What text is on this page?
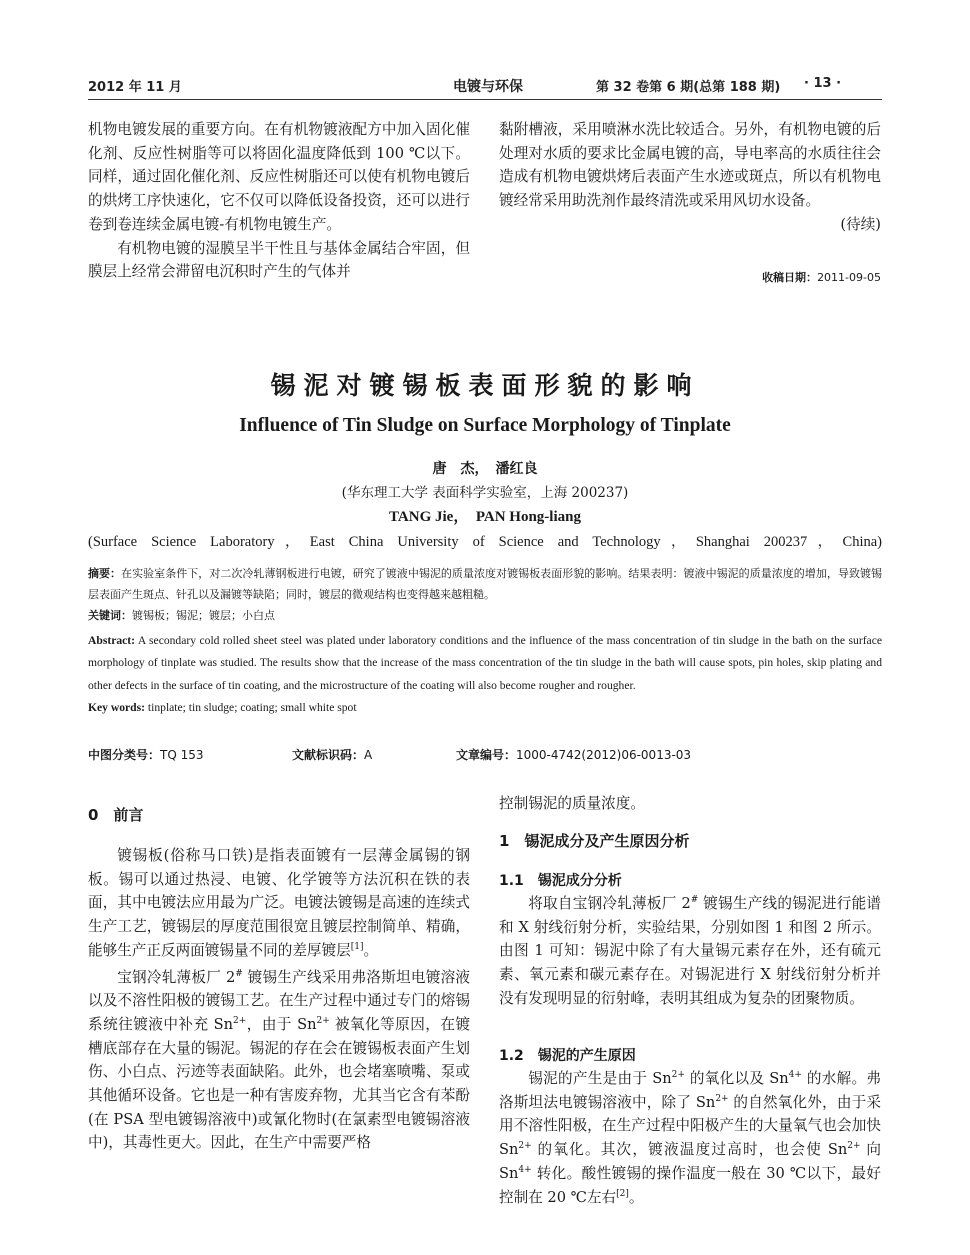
2012 年 11 月	电镀与环保	第 32 卷第 6 期(总第 188 期) · 13 ·

机物电镀发展的重要方向。在有机物镀液配方中加入固化催化剂、反应性树脂等可以将固化温度降低到 100 ℃以下。同样，通过固化催化剂、反应性树脂还可以使有机物电镀后的烘烤工序快速化，它不仅可以降低设备投资，还可以进行卷到卷连续金属电镀-有机物电镀生产。

有机物电镀的湿膜呈半干性且与基体金属结合牢固，但膜层上经常会滞留电沉积时产生的气体并

黏附槽液，采用喷淋水洗比较适合。另外，有机物电镀的后处理对水质的要求比金属电镀的高，导电率高的水质往往会造成有机物电镀烘烤后表面产生水迹或斑点，所以有机物电镀经常采用助洗剂作最终清洗或采用风切水设备。

(待续)

收稿日期：2011-09-05
锡泥对镀锡板表面形貌的影响
Influence of Tin Sludge on Surface Morphology of Tinplate
唐　杰，　潘红良
(华东理工大学 表面科学实验室，上海 200237)
TANG Jie，　PAN Hong-liang
(Surface Science Laboratory，East China University of Science and Technology，Shanghai 200237，China)

摘要：在实验室条件下，对二次冷轧薄钢板进行电镀，研究了镀液中锡泥的质量浓度对镀锡板表面形貌的影响。结果表明：镀液中锡泥的质量浓度的增加，导致镀锡层表面产生斑点、针孔以及漏镀等缺陷；同时，镀层的微观结构也变得越来越粗糙。

关键词：镀锡板；锡泥；镀层；小白点

Abstract: A secondary cold rolled sheet steel was plated under laboratory conditions and the influence of the mass concentration of tin sludge in the bath on the surface morphology of tinplate was studied. The results show that the increase of the mass concentration of the tin sludge in the bath will cause spots, pin holes, skip plating and other defects in the surface of tin coating, and the microstructure of the coating will also become rougher and rougher.

Key words: tinplate; tin sludge; coating; small white spot

中图分类号：TQ 153	文献标识码：A	文章编号：1000-4742(2012)06-0013-03
0　前言

镀锡板(俗称马口铁)是指表面镀有一层薄金属锡的钢板。锡可以通过热浸、电镀、化学镀等方法沉积在铁的表面，其中电镀法应用最为广泛。电镀法镀锡是高速的连续式生产工艺，镀锡层的厚度范围很宽且镀层控制简单、精确，能够生产正反两面镀锡量不同的差厚镀层[1]。

宝钢冷轧薄板厂 2# 镀锡生产线采用弗洛斯坦电镀溶液以及不溶性阳极的镀锡工艺。在生产过程中通过专门的熔锡系统往镀液中补充 $Sn^{2+}$，由于 $Sn^{2+}$ 被氧化等原因，在镀槽底部存在大量的锡泥。锡泥的存在会在镀锡板表面产生划伤、小白点、污迹等表面缺陷。此外，也会堵塞喷嘴、泵或其他循环设备。它也是一种有害废弃物，尤其当它含有苯酚(在 PSA 型电镀锡溶液中)或氰化物时(在氯素型电镀锡溶液中)，其毒性更大。因此，在生产中需要严格

控制锡泥的质量浓度。
1　锡泥成分及产生原因分析
1.1　锡泥成分分析

将取自宝钢冷轧薄板厂 2# 镀锡生产线的锡泥进行能谱和 X 射线衍射分析，实验结果，分别如图 1 和图 2 所示。由图 1 可知：锡泥中除了有大量锡元素存在外，还有硫元素、氧元素和碳元素存在。对锡泥进行 X 射线衍射分析并没有发现明显的衍射峰，表明其组成为复杂的团聚物质。

1.2　锡泥的产生原因

锡泥的产生是由于 $Sn^{2+}$ 的氧化以及 $Sn^{4+}$ 的水解。弗洛斯坦法电镀锡溶液中，除了 $Sn^{2+}$ 的自然氧化外，由于采用不溶性阳极，在生产过程中阳极产生的大量氧气也会加快 $Sn^{2+}$ 的氧化。其次，镀液温度过高时，也会使 $Sn^{2+}$ 向 $Sn^{4+}$ 转化。酸性镀锡的操作温度一般在 30 ℃以下，最好控制在 20 ℃左右[2]。
